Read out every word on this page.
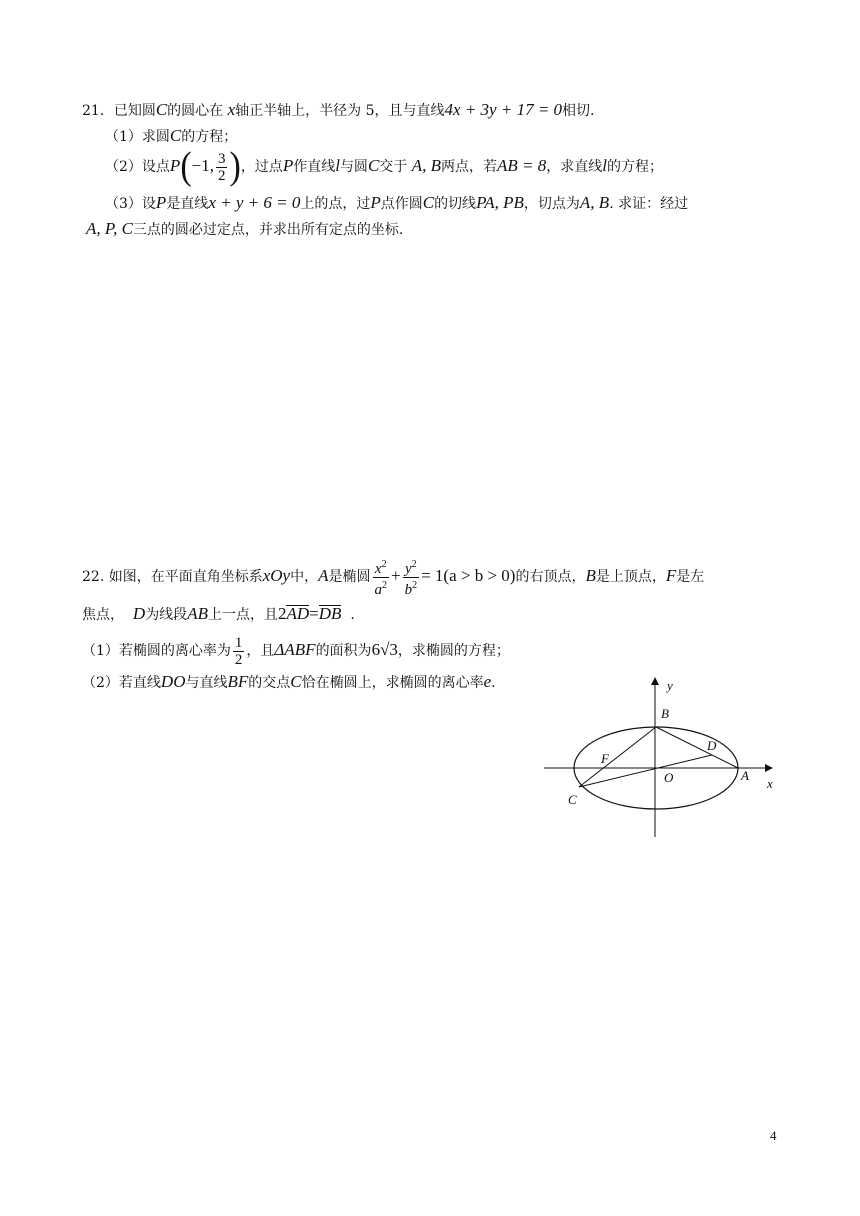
21．已知圆C的圆心在 x轴正半轴上，半径为 5，且与直线4x + 3y + 17 = 0相切.
（1）求圆C的方程；
（2）设点P(−1, $\frac{3}{2}$ )，过点P作直线l与圆C交于 A, B两点，若AB = 8，求直线l的方程；
（3）设P是直线x + y + 6 = 0上的点，过P点作圆C的切线PA, PB，切点为A, B. 求证：经过
A, P, C三点的圆必过定点，并求出所有定点的坐标.
22. 如图，在平面直角坐标系xOy中，A是椭圆 $\frac{x^2}{a^2} + \frac{y^2}{b^2} = 1(a > b > 0)$的右顶点，B是上顶点，F是左
焦点， D为线段AB上一点，且2AD=DB .
（1）若椭圆的离心率为 $\frac{1}{2}$ ，且ΔABF的面积为6√3，求椭圆的方程；
（2）若直线DO与直线BF的交点C恰在椭圆上，求椭圆的离心率e.	y
x
B
D
F
O	A
C
4
